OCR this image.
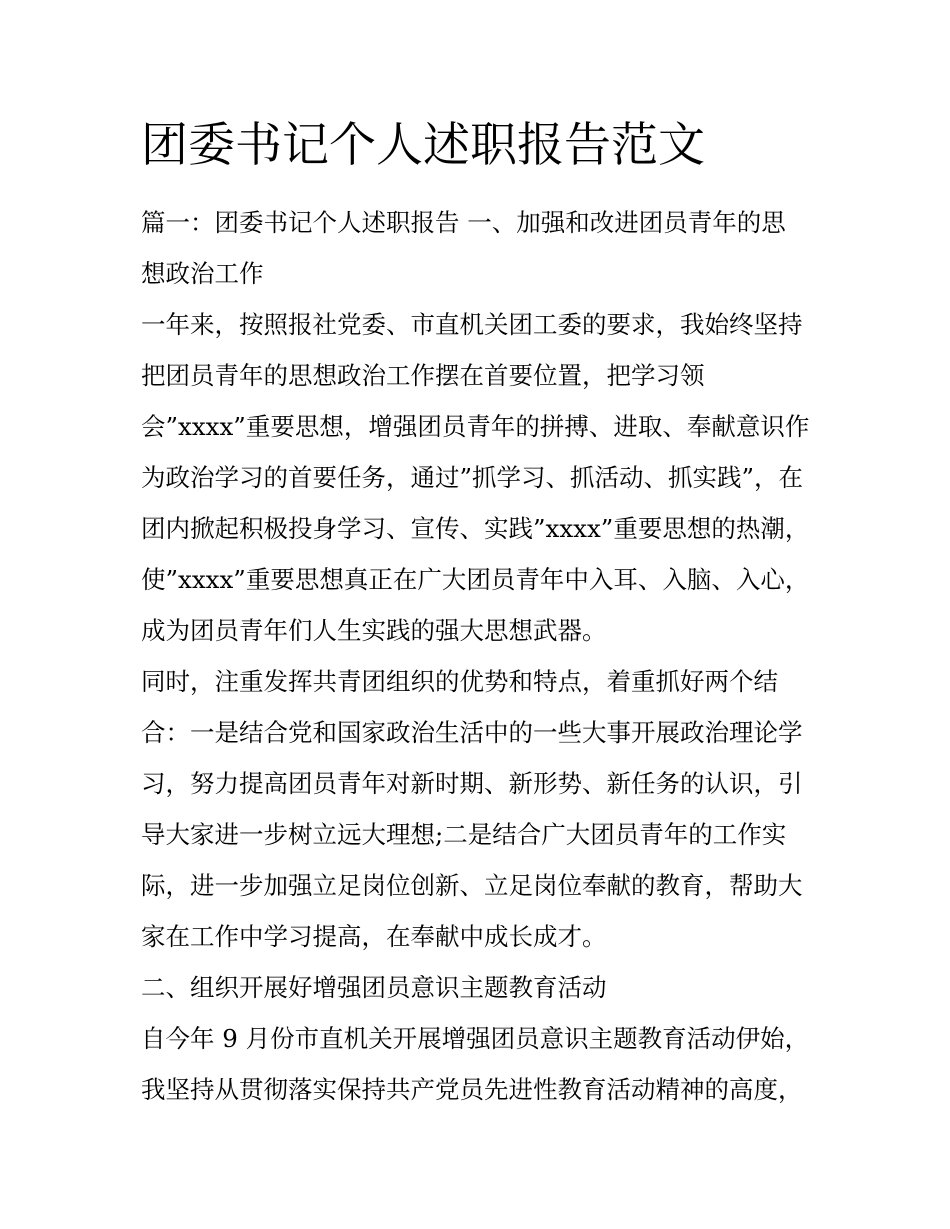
团委书记个人述职报告范文
篇一：团委书记个人述职报告 一、加强和改进团员青年的思
想政治工作
一年来，按照报社党委、市直机关团工委的要求，我始终坚持
把团员青年的思想政治工作摆在首要位置，把学习领
会”xxxx”重要思想，增强团员青年的拼搏、进取、奉献意识作
为政治学习的首要任务，通过”抓学习、抓活动、抓实践”，在
团内掀起积极投身学习、宣传、实践”xxxx”重要思想的热潮，
使”xxxx”重要思想真正在广大团员青年中入耳、入脑、入心，
成为团员青年们人生实践的强大思想武器。
同时，注重发挥共青团组织的优势和特点，着重抓好两个结
合：一是结合党和国家政治生活中的一些大事开展政治理论学
习，努力提高团员青年对新时期、新形势、新任务的认识，引
导大家进一步树立远大理想;二是结合广大团员青年的工作实
际，进一步加强立足岗位创新、立足岗位奉献的教育，帮助大
家在工作中学习提高，在奉献中成长成才。
二、组织开展好增强团员意识主题教育活动
自今年 9 月份市直机关开展增强团员意识主题教育活动伊始，
我坚持从贯彻落实保持共产党员先进性教育活动精神的高度，
